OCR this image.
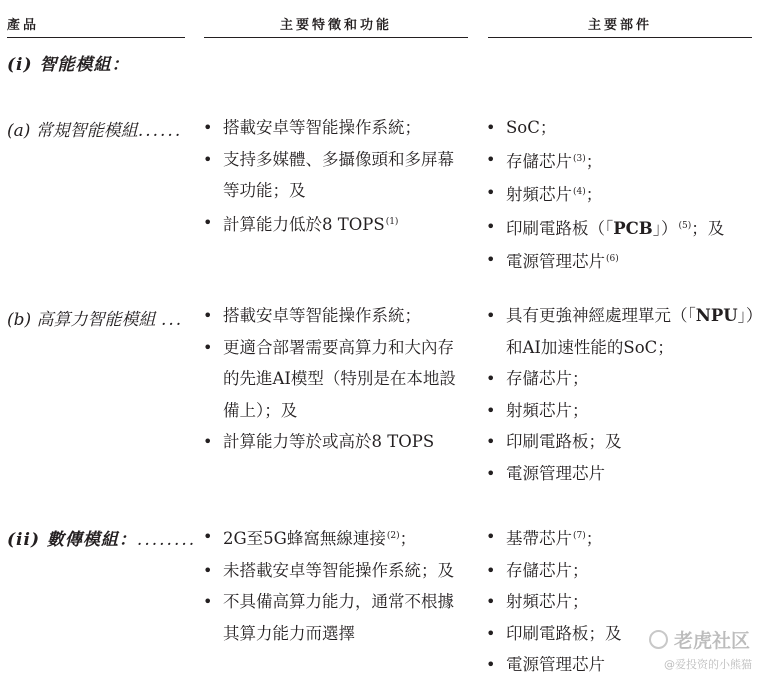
產品	主要特徵和功能	主要部件
(i) 智能模組：
(a) 常規智能模組......
(b) 高算力智能模組 ...
(ii) 數傳模組：........
• 搭載安卓等智能操作系統；
• 支持多媒體、多攝像頭和多屏幕
等功能；及
• 計算能力低於8 TOPS$^{(1)}$
• SoC；
• 存儲芯片$^{(3)}$；
• 射頻芯片$^{(4)}$；
• 印刷電路板（「PCB」）$^{(5)}$；及
• 電源管理芯片$^{(6)}$
• 搭載安卓等智能操作系統；
• 更適合部署需要高算力和大內存
的先進AI模型（特別是在本地設
備上）；及
• 計算能力等於或高於8 TOPS
• 具有更強神經處理單元（「NPU」）
和AI加速性能的SoC；
• 存儲芯片；
• 射頻芯片；
• 印刷電路板；及
• 電源管理芯片
• 2G至5G蜂窩無線連接$^{(2)}$；
• 未搭載安卓等智能操作系統；及
• 不具備高算力能力，通常不根據
其算力能力而選擇
• 基帶芯片$^{(7)}$；
• 存儲芯片；
• 射頻芯片；
• 印刷電路板；及
• 電源管理芯片
老虎社区
@爱投资的小熊猫
